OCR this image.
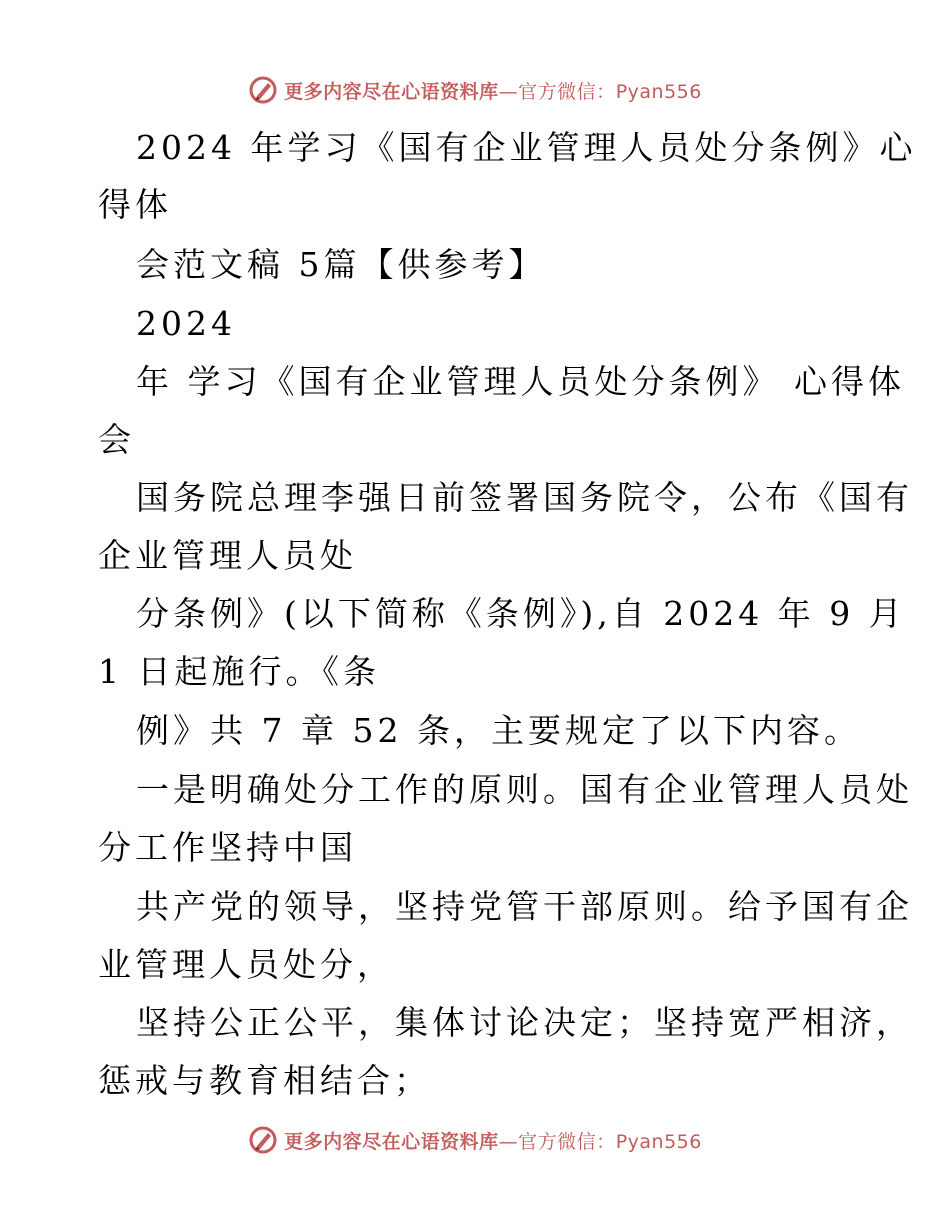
更多内容尽在心语资料库—官方微信：Pyan556
2024 年学习《国有企业管理人员处分条例》心
得体
会范文稿 5篇【供参考】
2024
年 学习《国有企业管理人员处分条例》 心得体
会
国务院总理李强日前签署国务院令，公布《国有
企业管理人员处
分条例》(以下简称《条例》),自 2024 年 9 月
1 日起施行。《条
例》共 7 章 52 条，主要规定了以下内容。
一是明确处分工作的原则。国有企业管理人员处
分工作坚持中国
共产党的领导，坚持党管干部原则。给予国有企
业管理人员处分，
坚持公正公平，集体讨论决定；坚持宽严相济，
惩戒与教育相结合；
更多内容尽在心语资料库—官方微信：Pyan556
